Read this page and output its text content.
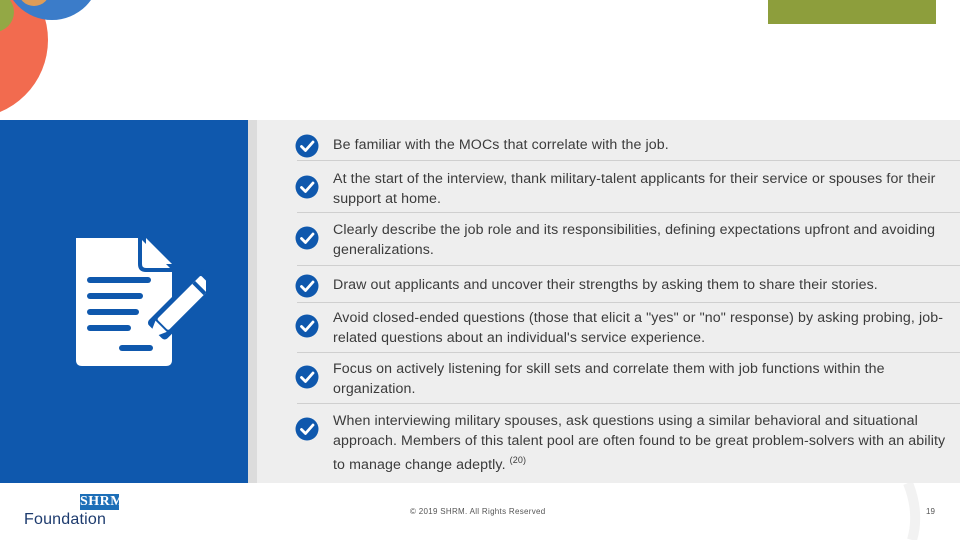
Be familiar with the MOCs that correlate with the job.
At the start of the interview, thank military-talent applicants for their service or spouses for their support at home.
Clearly describe the job role and its responsibilities, defining expectations upfront and avoiding generalizations.
Draw out applicants and uncover their strengths by asking them to share their stories.
Avoid closed-ended questions (those that elicit a "yes" or "no" response) by asking probing, job-related questions about an individual's service experience.
Focus on actively listening for skill sets and correlate them with job functions within the organization.
When interviewing military spouses, ask questions using a similar behavioral and situational approach. Members of this talent pool are often found to be great problem-solvers with an ability to manage change adeptly. $^{(20)}$
SHRM
Foundation	© 2019 SHRM. All Rights Reserved	19
